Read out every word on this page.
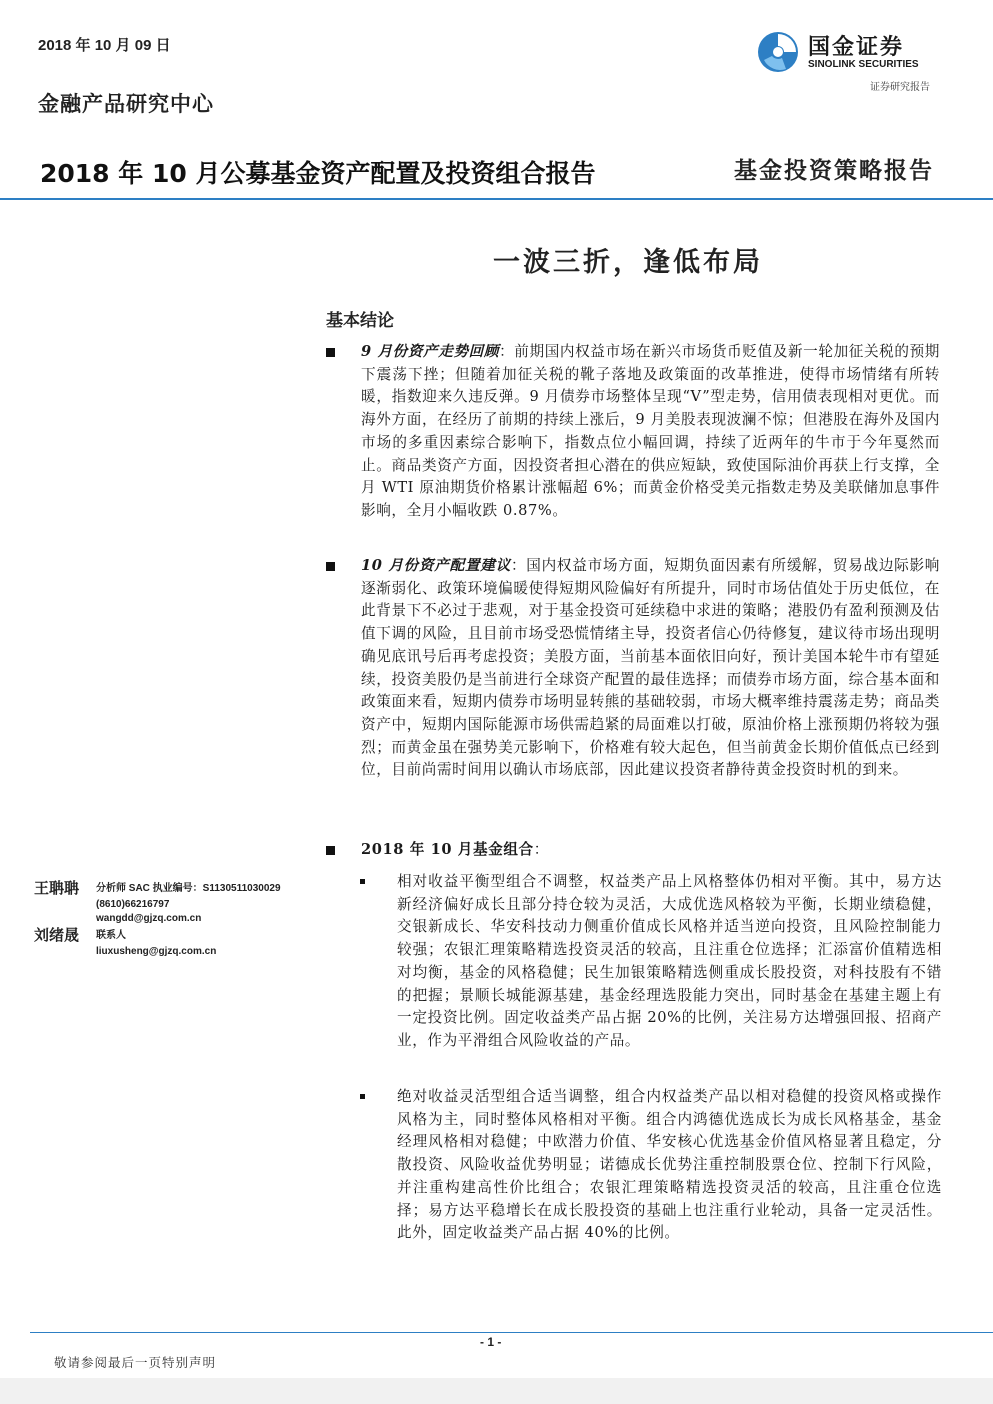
2018 年 10 月 09 日
金融产品研究中心
国金证券
SINOLINK SECURITIES
证券研究报告
2018 年 10 月公募基金资产配置及投资组合报告	基金投资策略报告
一波三折，逢低布局
基本结论
9 月份资产走势回顾：前期国内权益市场在新兴市场货币贬值及新一轮加征关税的预期下震荡下挫；但随着加征关税的靴子落地及政策面的改革推进，使得市场情绪有所转暖，指数迎来久违反弹。9 月债券市场整体呈现“V”型走势，信用债表现相对更优。而海外方面，在经历了前期的持续上涨后，9 月美股表现波澜不惊；但港股在海外及国内市场的多重因素综合影响下，指数点位小幅回调，持续了近两年的牛市于今年戛然而止。商品类资产方面，因投资者担心潜在的供应短缺，致使国际油价再获上行支撑，全月 WTI 原油期货价格累计涨幅超 6%；而黄金价格受美元指数走势及美联储加息事件影响，全月小幅收跌 0.87%。
10 月份资产配置建议：国内权益市场方面，短期负面因素有所缓解，贸易战边际影响逐渐弱化、政策环境偏暖使得短期风险偏好有所提升，同时市场估值处于历史低位，在此背景下不必过于悲观，对于基金投资可延续稳中求进的策略；港股仍有盈利预测及估值下调的风险，且目前市场受恐慌情绪主导，投资者信心仍待修复，建议待市场出现明确见底讯号后再考虑投资；美股方面，当前基本面依旧向好，预计美国本轮牛市有望延续，投资美股仍是当前进行全球资产配置的最佳选择；而债券市场方面，综合基本面和政策面来看，短期内债券市场明显转熊的基础较弱，市场大概率维持震荡走势；商品类资产中，短期内国际能源市场供需趋紧的局面难以打破，原油价格上涨预期仍将较为强烈；而黄金虽在强势美元影响下，价格难有较大起色，但当前黄金长期价值低点已经到位，目前尚需时间用以确认市场底部，因此建议投资者静待黄金投资时机的到来。
2018 年 10 月基金组合：
相对收益平衡型组合不调整，权益类产品上风格整体仍相对平衡。其中，易方达新经济偏好成长且部分持仓较为灵活，大成优选风格较为平衡，长期业绩稳健，交银新成长、华安科技动力侧重价值成长风格并适当逆向投资，且风险控制能力较强；农银汇理策略精选投资灵活的较高，且注重仓位选择；汇添富价值精选相对均衡，基金的风格稳健；民生加银策略精选侧重成长股投资，对科技股有不错的把握；景顺长城能源基建，基金经理选股能力突出，同时基金在基建主题上有一定投资比例。固定收益类产品占据 20%的比例，关注易方达增强回报、招商产业，作为平滑组合风险收益的产品。
绝对收益灵活型组合适当调整，组合内权益类产品以相对稳健的投资风格或操作风格为主，同时整体风格相对平衡。组合内鸿德优选成长为成长风格基金，基金经理风格相对稳健；中欧潜力价值、华安核心优选基金价值风格显著且稳定，分散投资、风险收益优势明显；诺德成长优势注重控制股票仓位、控制下行风险，并注重构建高性价比组合；农银汇理策略精选投资灵活的较高，且注重仓位选择；易方达平稳增长在成长股投资的基础上也注重行业轮动，具备一定灵活性。此外，固定收益类产品占据 40%的比例。
王聃聃 分析师 SAC 执业编号：S1130511030029
(8610)66216797
wangdd@gjzq.com.cn
刘绪晟 联系人
liuxusheng@gjzq.com.cn
- 1 -
敬请参阅最后一页特别声明
